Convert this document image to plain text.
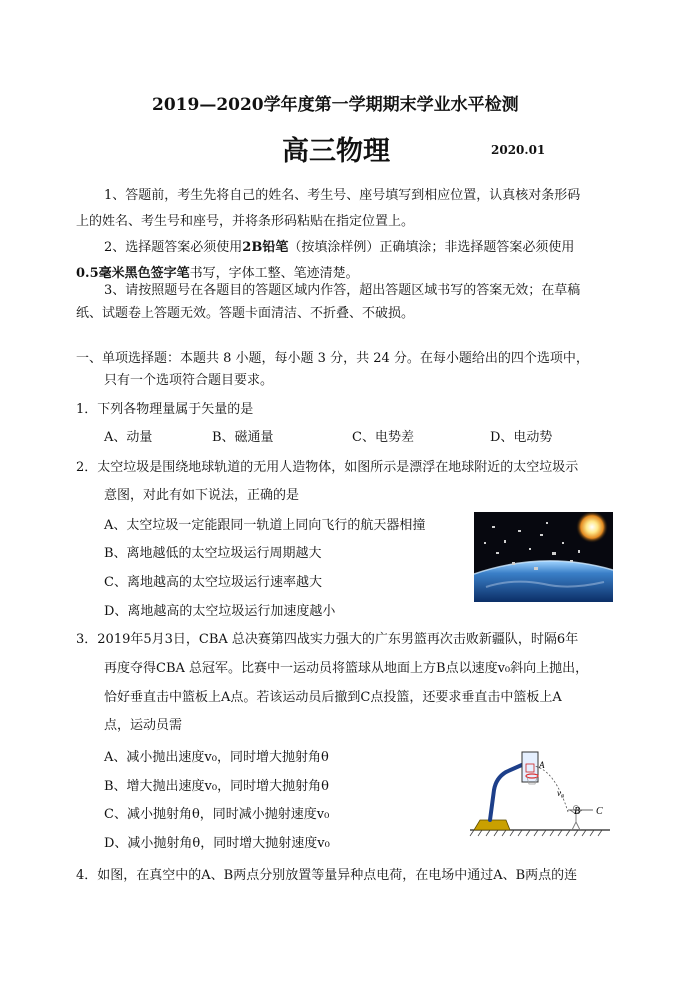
2019—2020学年度第一学期期末学业水平检测
高三物理	2020.01
1、答题前，考生先将自己的姓名、考生号、座号填写到相应位置，认真核对条形码
上的姓名、考生号和座号，并将条形码粘贴在指定位置上。
2、选择题答案必须使用2B铅笔（按填涂样例）正确填涂；非选择题答案必须使用
0.5毫米黑色签字笔书写，字体工整、笔迹清楚。
3、请按照题号在各题目的答题区域内作答，超出答题区域书写的答案无效；在草稿
纸、试题卷上答题无效。答题卡面清洁、不折叠、不破损。
一、单项选择题：本题共 8 小题，每小题 3 分，共 24 分。在每小题给出的四个选项中，
只有一个选项符合题目要求。
1．下列各物理量属于矢量的是
A、动量	B、磁通量	C、电势差	D、电动势
2．太空垃圾是围绕地球轨道的无用人造物体，如图所示是漂浮在地球附近的太空垃圾示
意图，对此有如下说法，正确的是
A、太空垃圾一定能跟同一轨道上同向飞行的航天器相撞
B、离地越低的太空垃圾运行周期越大
C、离地越高的太空垃圾运行速率越大
D、离地越高的太空垃圾运行加速度越小
3．2019年5月3日，CBA 总决赛第四战实力强大的广东男篮再次击败新疆队，时隔6年
再度夺得CBA 总冠军。比赛中一运动员将篮球从地面上方B点以速度v₀斜向上抛出，
恰好垂直击中篮板上A点。若该运动员后撤到C点投篮，还要求垂直击中篮板上A
点，运动员需
A、减小抛出速度v₀，同时增大抛射角θ
B、增大抛出速度v₀，同时增大抛射角θ
C、减小抛射角θ，同时减小抛射速度v₀
D、减小抛射角θ，同时增大抛射速度v₀
A
v₀
B C
4．如图，在真空中的A、B两点分别放置等量异种点电荷，在电场中通过A、B两点的连
